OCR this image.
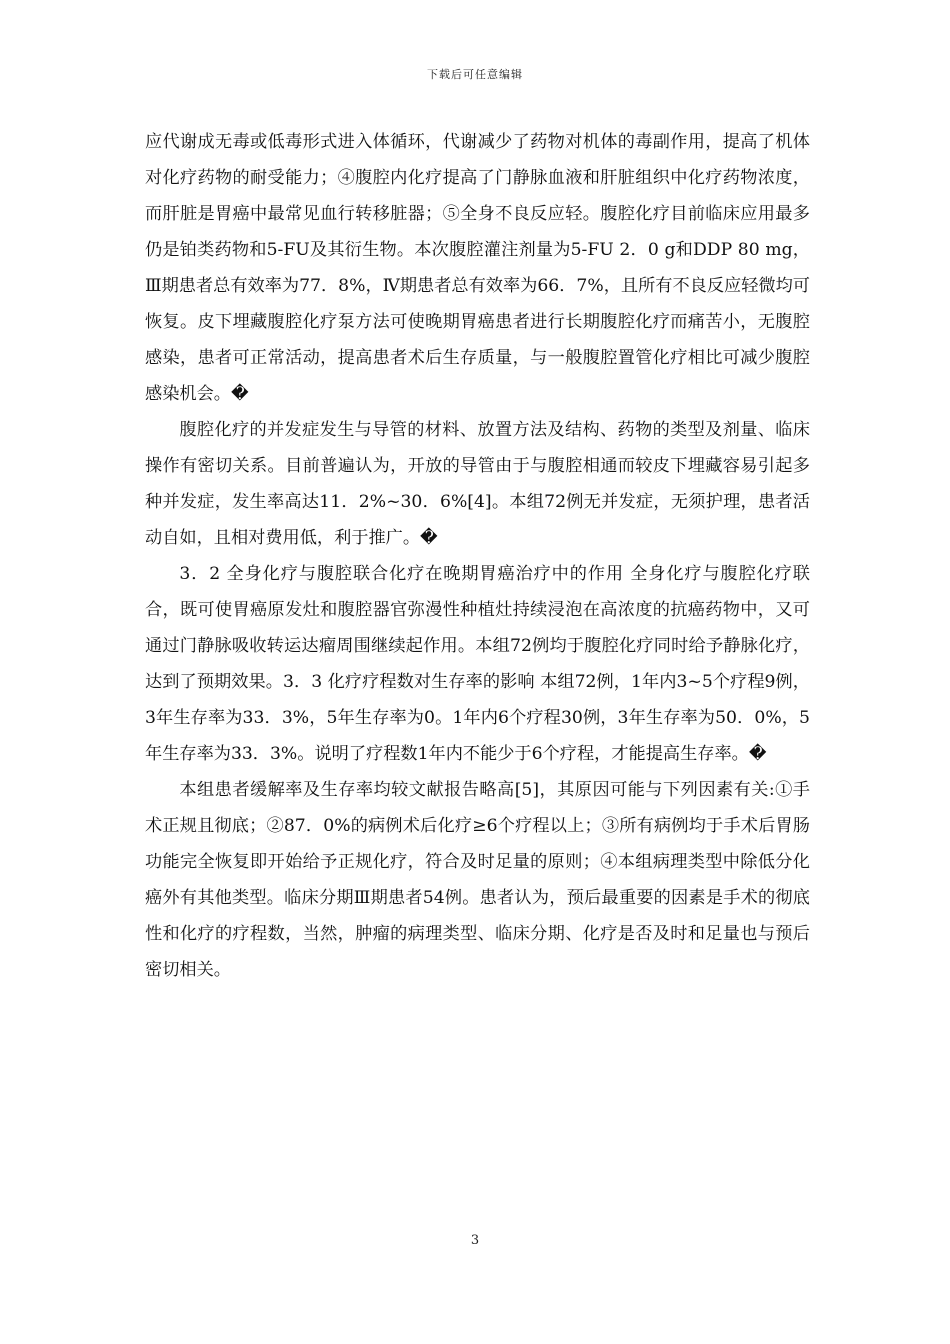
下载后可任意编辑

应代谢成无毒或低毒形式进入体循环，代谢减少了药物对机体的毒副作用，提高了机体对化疗药物的耐受能力；④腹腔内化疗提高了门静脉血液和肝脏组织中化疗药物浓度，而肝脏是胃癌中最常见血行转移脏器；⑤全身不良反应轻。腹腔化疗目前临床应用最多仍是铂类药物和5-FU及其衍生物。本次腹腔灌注剂量为5-FU 2．0 g和DDP 80 mg，Ⅲ期患者总有效率为77．8%，Ⅳ期患者总有效率为66．7%，且所有不良反应轻微均可恢复。皮下埋藏腹腔化疗泵方法可使晚期胃癌患者进行长期腹腔化疗而痛苦小，无腹腔感染，患者可正常活动，提高患者术后生存质量，与一般腹腔置管化疗相比可减少腹腔感染机会。�

腹腔化疗的并发症发生与导管的材料、放置方法及结构、药物的类型及剂量、临床操作有密切关系。目前普遍认为，开放的导管由于与腹腔相通而较皮下埋藏容易引起多种并发症，发生率高达11．2%~30．6%[4]。本组72例无并发症，无须护理，患者活动自如，且相对费用低，利于推广。�

3．2 全身化疗与腹腔联合化疗在晚期胃癌治疗中的作用 全身化疗与腹腔化疗联合，既可使胃癌原发灶和腹腔器官弥漫性种植灶持续浸泡在高浓度的抗癌药物中，又可通过门静脉吸收转运达瘤周围继续起作用。本组72例均于腹腔化疗同时给予静脉化疗，达到了预期效果。3．3 化疗疗程数对生存率的影响 本组72例，1年内3~5个疗程9例，3年生存率为33．3%，5年生存率为0。1年内6个疗程30例，3年生存率为50．0%，5年生存率为33．3%。说明了疗程数1年内不能少于6个疗程，才能提高生存率。�

本组患者缓解率及生存率均较文献报告略高[5]，其原因可能与下列因素有关:①手术正规且彻底；②87．0%的病例术后化疗≥6个疗程以上；③所有病例均于手术后胃肠功能完全恢复即开始给予正规化疗，符合及时足量的原则；④本组病理类型中除低分化癌外有其他类型。临床分期Ⅲ期患者54例。患者认为，预后最重要的因素是手术的彻底性和化疗的疗程数，当然，肿瘤的病理类型、临床分期、化疗是否及时和足量也与预后密切相关。

3
